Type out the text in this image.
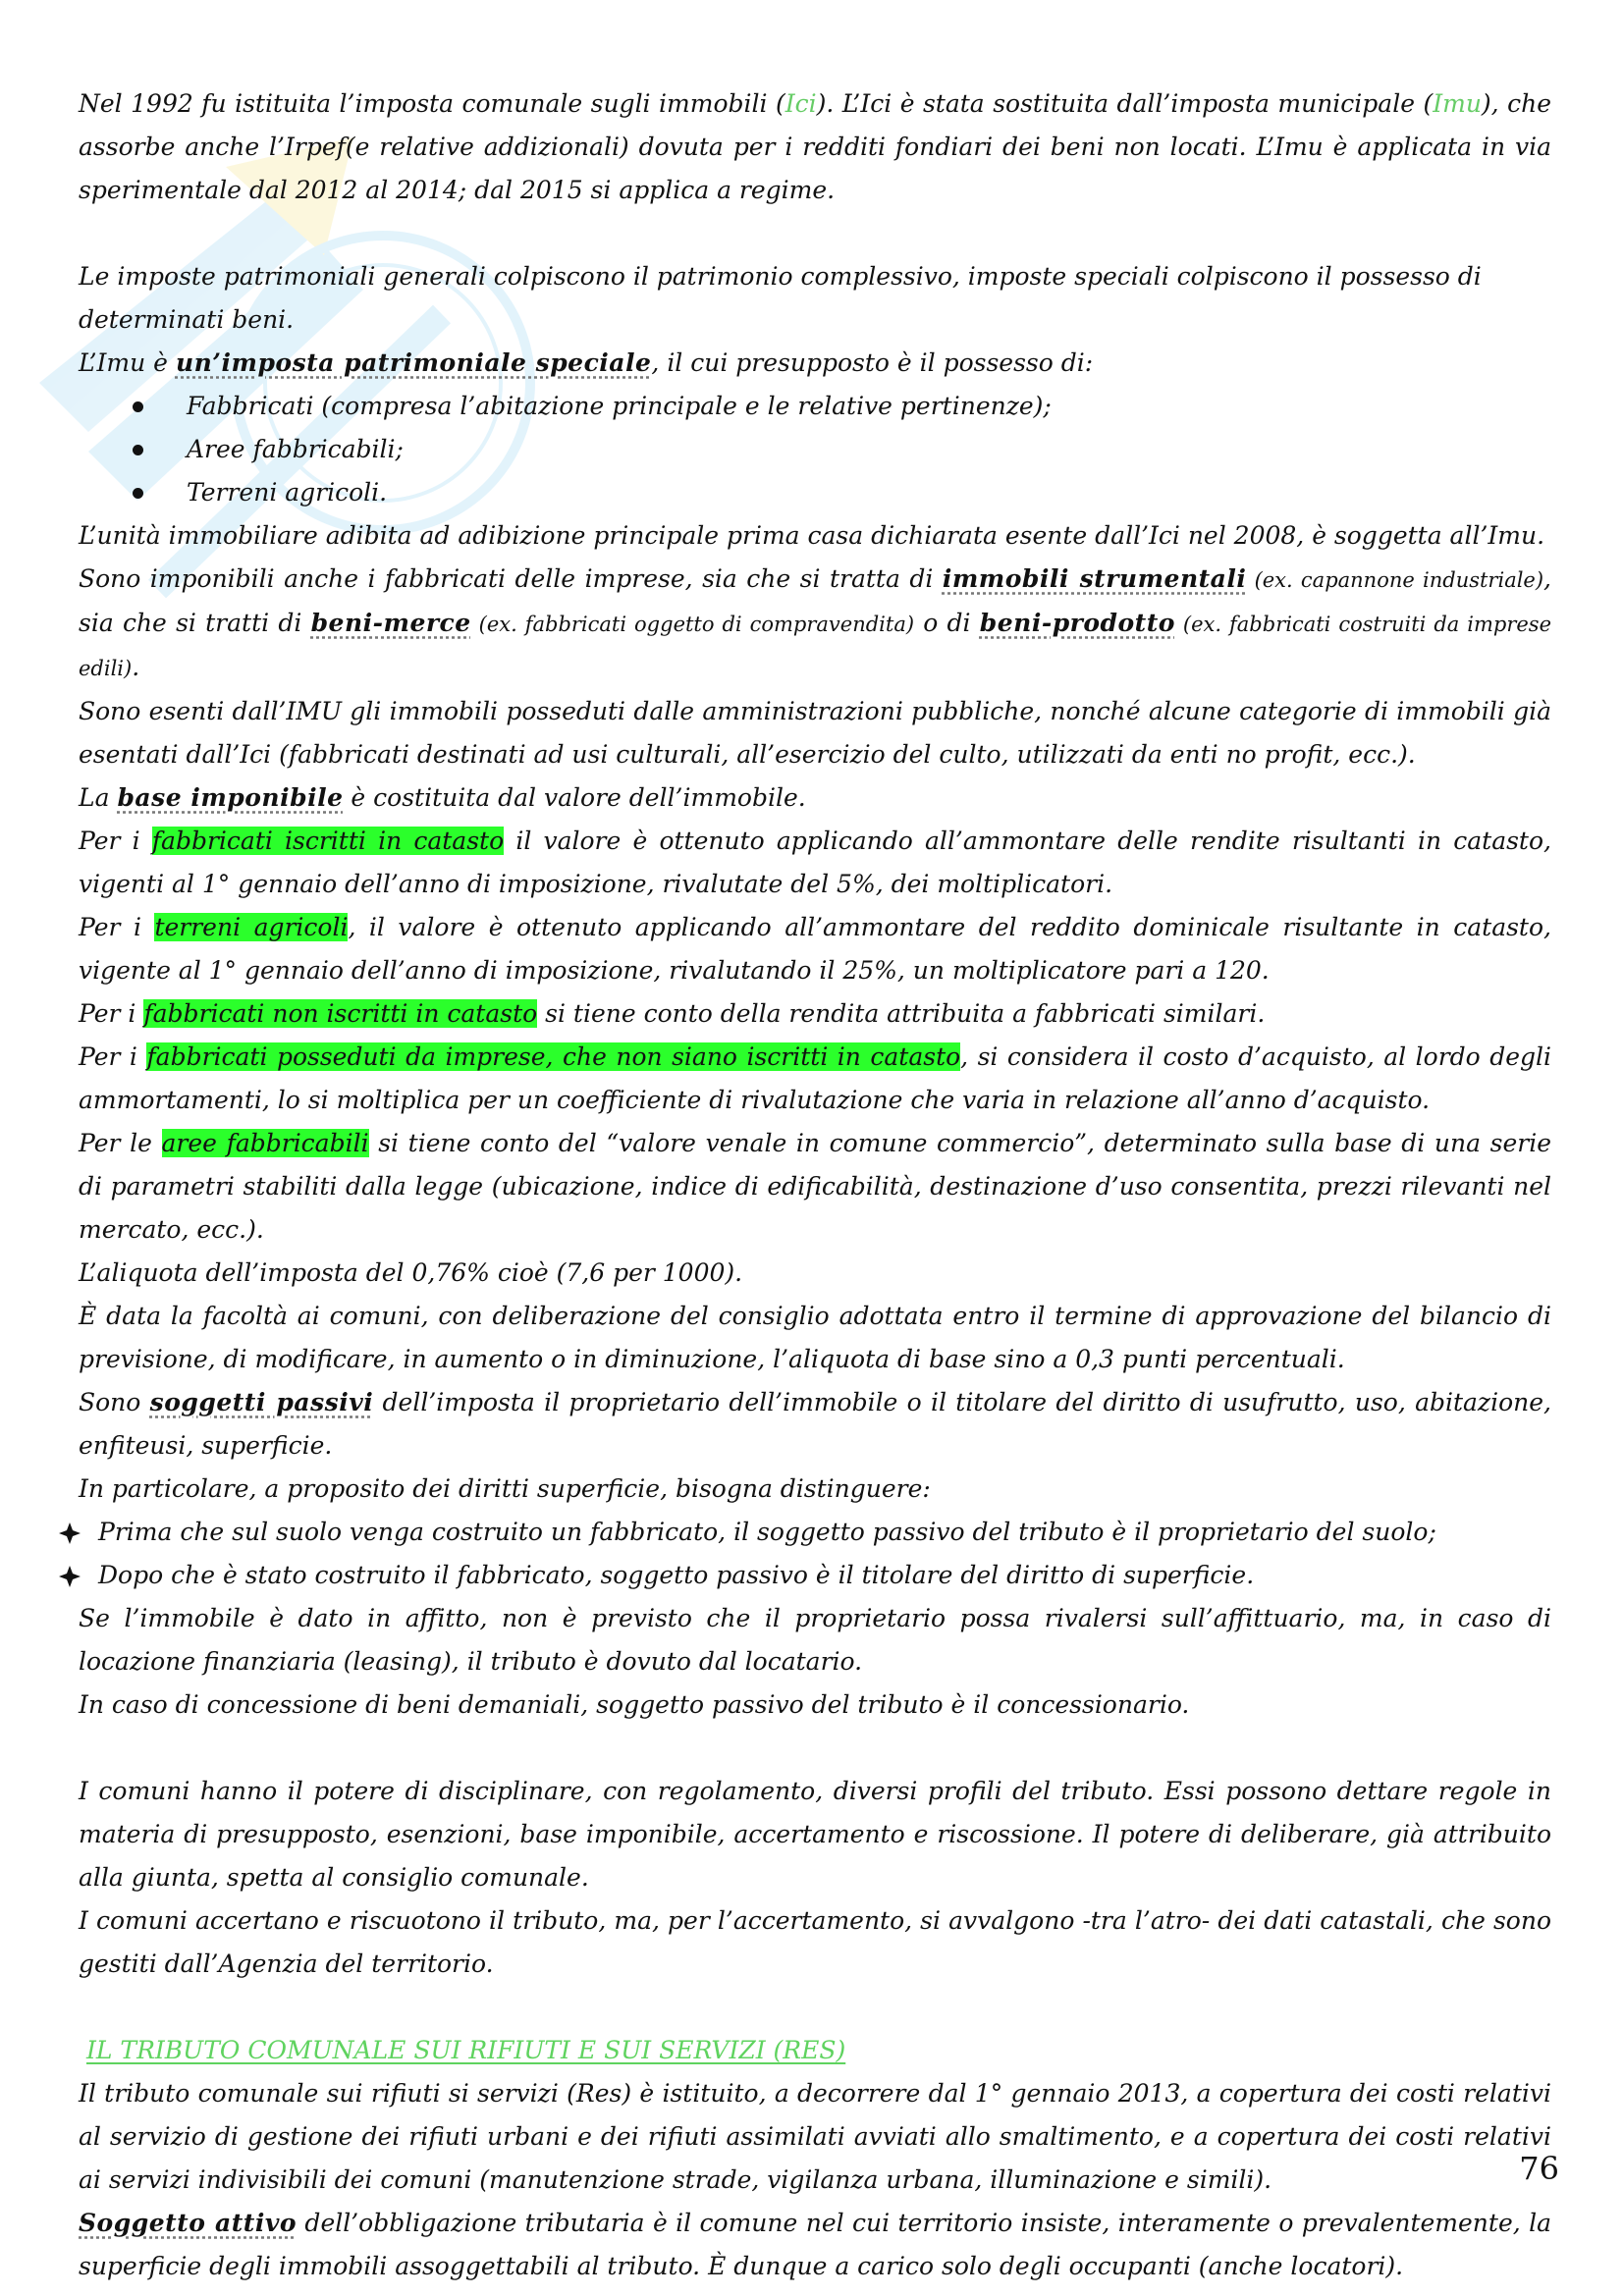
Nel 1992 fu istituita l’imposta comunale sugli immobili (Ici). L’Ici è stata sostituita dall’imposta municipale (Imu), che assorbe anche l’Irpef(e relative addizionali) dovuta per i redditi fondiari dei beni non locati. L’Imu è applicata in via sperimentale dal 2012 al 2014; dal 2015 si applica a regime.

Le imposte patrimoniali generali colpiscono il patrimonio complessivo, imposte speciali colpiscono il possesso di determinati beni.

L’Imu è un’imposta patrimoniale speciale, il cui presupposto è il possesso di:

Fabbricati (compresa l’abitazione principale e le relative pertinenze);
Aree fabbricabili;
Terreni agricoli.

L’unità immobiliare adibita ad adibizione principale prima casa dichiarata esente dall’Ici nel 2008, è soggetta all’Imu.

Sono imponibili anche i fabbricati delle imprese, sia che si tratta di immobili strumentali (ex. capannone industriale), sia che si tratti di beni-merce (ex. fabbricati oggetto di compravendita) o di beni-prodotto (ex. fabbricati costruiti da imprese edili).

Sono esenti dall’IMU gli immobili posseduti dalle amministrazioni pubbliche, nonché alcune categorie di immobili già esentati dall’Ici (fabbricati destinati ad usi culturali, all’esercizio del culto, utilizzati da enti no profit, ecc.).

La base imponibile è costituita dal valore dell’immobile.

Per i fabbricati iscritti in catasto il valore è ottenuto applicando all’ammontare delle rendite risultanti in catasto, vigenti al 1° gennaio dell’anno di imposizione, rivalutate del 5%, dei moltiplicatori.

Per i terreni agricoli, il valore è ottenuto applicando all’ammontare del reddito dominicale risultante in catasto, vigente al 1° gennaio dell’anno di imposizione, rivalutando il 25%, un moltiplicatore pari a 120.

Per i fabbricati non iscritti in catasto si tiene conto della rendita attribuita a fabbricati similari.

Per i fabbricati posseduti da imprese, che non siano iscritti in catasto, si considera il costo d’acquisto, al lordo degli ammortamenti, lo si moltiplica per un coefficiente di rivalutazione che varia in relazione all’anno d’acquisto.

Per le aree fabbricabili si tiene conto del “valore venale in comune commercio”, determinato sulla base di una serie di parametri stabiliti dalla legge (ubicazione, indice di edificabilità, destinazione d’uso consentita, prezzi rilevanti nel mercato, ecc.).

L’aliquota dell’imposta del 0,76% cioè (7,6 per 1000).

È data la facoltà ai comuni, con deliberazione del consiglio adottata entro il termine di approvazione del bilancio di previsione, di modificare, in aumento o in diminuzione, l’aliquota di base sino a 0,3 punti percentuali.

Sono soggetti passivi dell’imposta il proprietario dell’immobile o il titolare del diritto di usufrutto, uso, abitazione, enfiteusi, superficie.

In particolare, a proposito dei diritti superficie, bisogna distinguere:

Prima che sul suolo venga costruito un fabbricato, il soggetto passivo del tributo è il proprietario del suolo;
Dopo che è stato costruito il fabbricato, soggetto passivo è il titolare del diritto di superficie.

Se l’immobile è dato in affitto, non è previsto che il proprietario possa rivalersi sull’affittuario, ma, in caso di locazione finanziaria (leasing), il tributo è dovuto dal locatario.

In caso di concessione di beni demaniali, soggetto passivo del tributo è il concessionario.

I comuni hanno il potere di disciplinare, con regolamento, diversi profili del tributo. Essi possono dettare regole in materia di presupposto, esenzioni, base imponibile, accertamento e riscossione. Il potere di deliberare, già attribuito alla giunta, spetta al consiglio comunale.

I comuni accertano e riscuotono il tributo, ma, per l’accertamento, si avvalgono -tra l’atro- dei dati catastali, che sono gestiti dall’Agenzia del territorio.

IL TRIBUTO COMUNALE SUI RIFIUTI E SUI SERVIZI (RES)

Il tributo comunale sui rifiuti si servizi (Res) è istituito, a decorrere dal 1° gennaio 2013, a copertura dei costi relativi al servizio di gestione dei rifiuti urbani e dei rifiuti assimilati avviati allo smaltimento, e a copertura dei costi relativi ai servizi indivisibili dei comuni (manutenzione strade, vigilanza urbana, illuminazione e simili).

Soggetto attivo dell’obbligazione tributaria è il comune nel cui territorio insiste, interamente o prevalentemente, la superficie degli immobili assoggettabili al tributo. È dunque a carico solo degli occupanti (anche locatori).

76
